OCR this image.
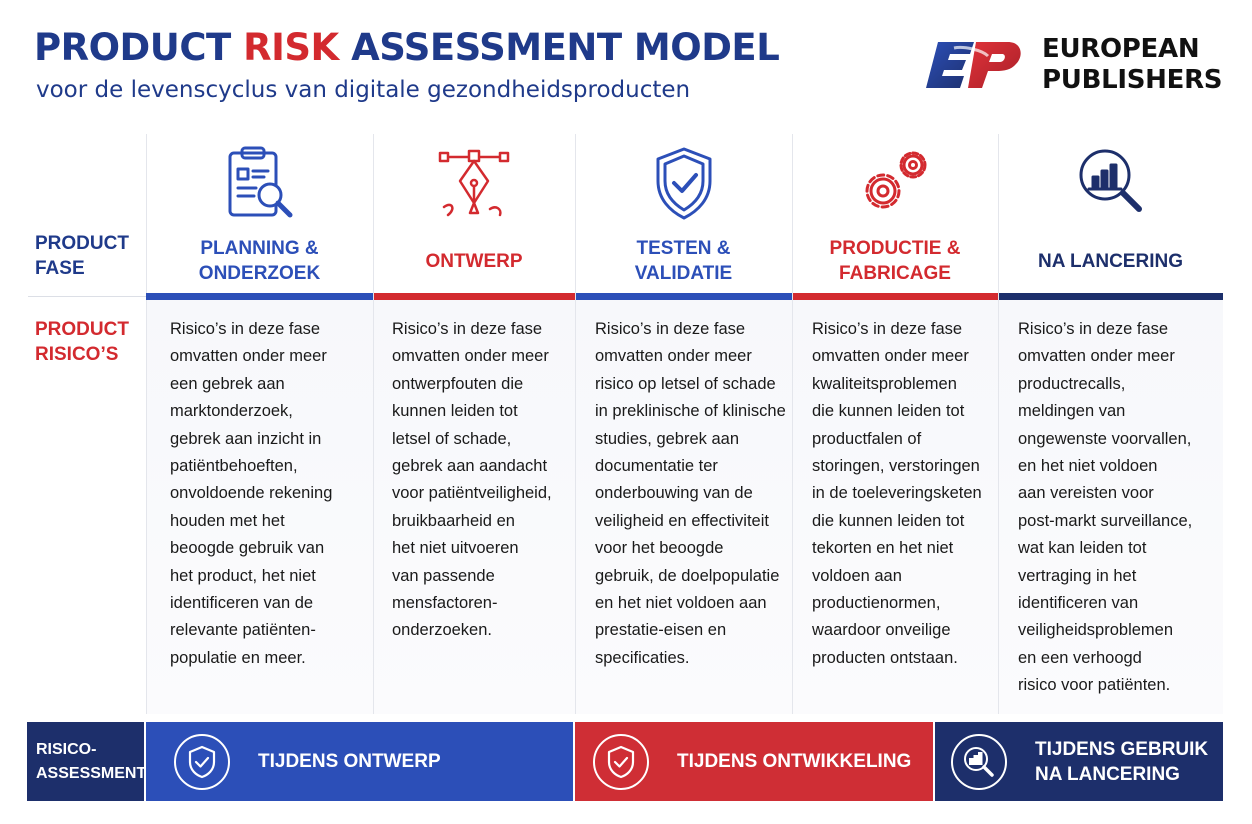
PRODUCT RISK ASSESSMENT MODEL
voor de levenscyclus van digitale gezondheidsproducten
EUROPEAN
PUBLISHERS
PRODUCT
FASE
PRODUCT
RISICO’S
PLANNING &
ONDERZOEK
Risico’s in deze fase
omvatten onder meer
een gebrek aan
marktonderzoek,
gebrek aan inzicht in
patiëntbehoeften,
onvoldoende rekening
houden met het
beoogde gebruik van
het product, het niet
identificeren van de
relevante patiënten-
populatie en meer.
ONTWERP
Risico’s in deze fase
omvatten onder meer
ontwerpfouten die
kunnen leiden tot
letsel of schade,
gebrek aan aandacht
voor patiëntveiligheid,
bruikbaarheid en
het niet uitvoeren
van passende
mensfactoren-
onderzoeken.
TESTEN &
VALIDATIE
Risico’s in deze fase
omvatten onder meer
risico op letsel of schade
in preklinische of klinische
studies, gebrek aan
documentatie ter
onderbouwing van de
veiligheid en effectiviteit
voor het beoogde
gebruik, de doelpopulatie
en het niet voldoen aan
prestatie-eisen en
specificaties.
PRODUCTIE &
FABRICAGE
Risico’s in deze fase
omvatten onder meer
kwaliteitsproblemen
die kunnen leiden tot
productfalen of
storingen, verstoringen
in de toeleveringsketen
die kunnen leiden tot
tekorten en het niet
voldoen aan
productienormen,
waardoor onveilige
producten ontstaan.
NA LANCERING
Risico’s in deze fase
omvatten onder meer
productrecalls,
meldingen van
ongewenste voorvallen,
en het niet voldoen
aan vereisten voor
post-markt surveillance,
wat kan leiden tot
vertraging in het
identificeren van
veiligheidsproblemen
en een verhoogd
risico voor patiënten.
RISICO-
ASSESSMENT
TIJDENS ONTWERP	TIJDENS ONTWIKKELING
TIJDENS GEBRUIK
NA LANCERING
